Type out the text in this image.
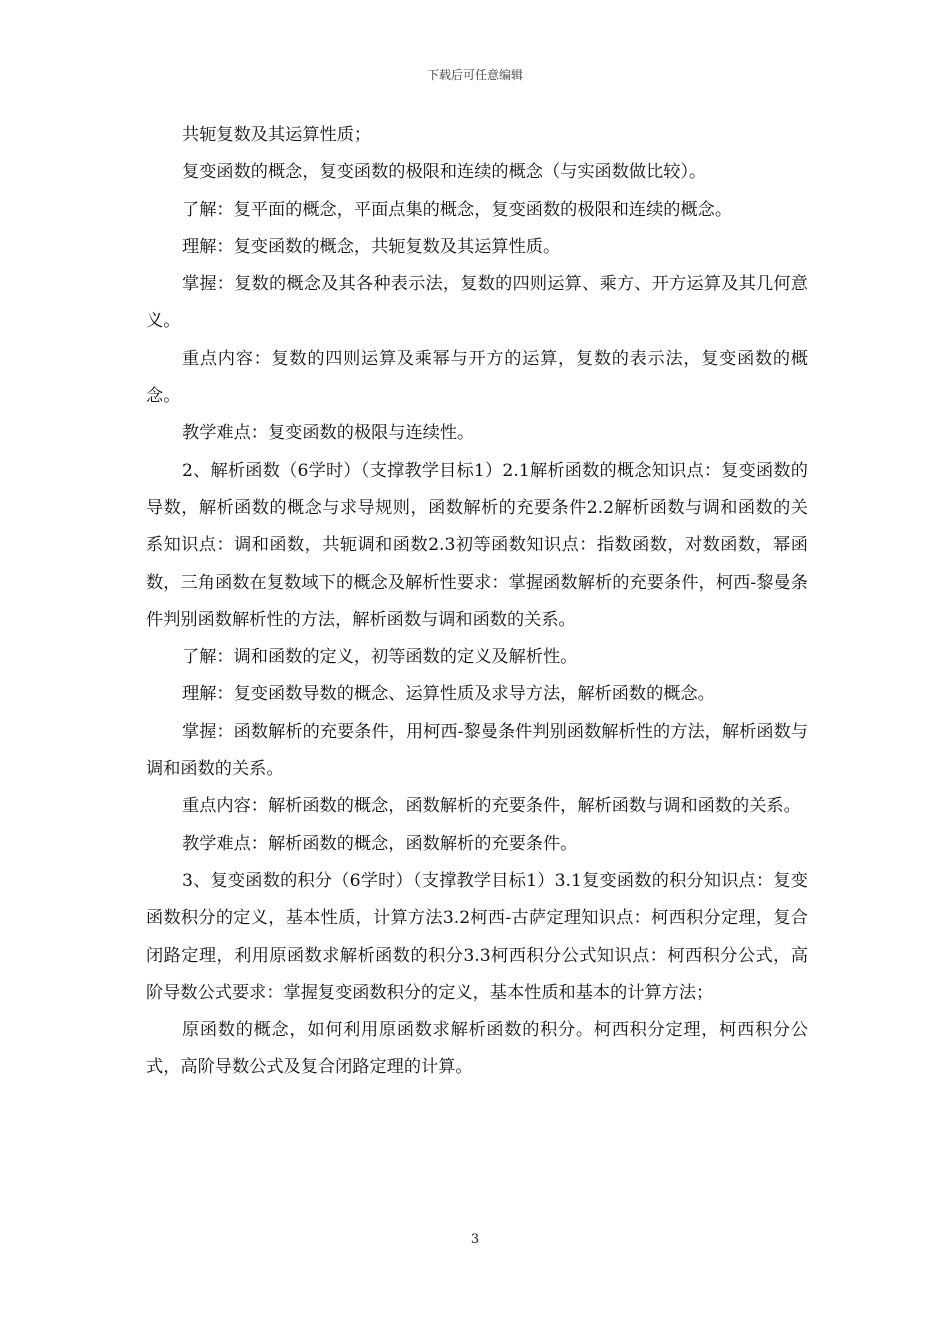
下载后可任意编辑

共轭复数及其运算性质；

复变函数的概念，复变函数的极限和连续的概念（与实函数做比较）。

了解：复平面的概念，平面点集的概念，复变函数的极限和连续的概念。

理解：复变函数的概念，共轭复数及其运算性质。

掌握：复数的概念及其各种表示法，复数的四则运算、乘方、开方运算及其几何意义。

重点内容：复数的四则运算及乘幂与开方的运算，复数的表示法，复变函数的概念。

教学难点：复变函数的极限与连续性。

2、解析函数（6学时）（支撑教学目标1）2.1解析函数的概念知识点：复变函数的导数，解析函数的概念与求导规则，函数解析的充要条件2.2解析函数与调和函数的关系知识点：调和函数，共轭调和函数2.3初等函数知识点：指数函数，对数函数，幂函数，三角函数在复数域下的概念及解析性要求：掌握函数解析的充要条件，柯西-黎曼条件判别函数解析性的方法，解析函数与调和函数的关系。

了解：调和函数的定义，初等函数的定义及解析性。

理解：复变函数导数的概念、运算性质及求导方法，解析函数的概念。

掌握：函数解析的充要条件，用柯西-黎曼条件判别函数解析性的方法，解析函数与调和函数的关系。

重点内容：解析函数的概念，函数解析的充要条件，解析函数与调和函数的关系。

教学难点：解析函数的概念，函数解析的充要条件。

3、复变函数的积分（6学时）（支撑教学目标1）3.1复变函数的积分知识点：复变函数积分的定义，基本性质，计算方法3.2柯西-古萨定理知识点：柯西积分定理，复合闭路定理，利用原函数求解析函数的积分3.3柯西积分公式知识点：柯西积分公式，高阶导数公式要求：掌握复变函数积分的定义，基本性质和基本的计算方法；

原函数的概念，如何利用原函数求解析函数的积分。柯西积分定理，柯西积分公式，高阶导数公式及复合闭路定理的计算。

3
